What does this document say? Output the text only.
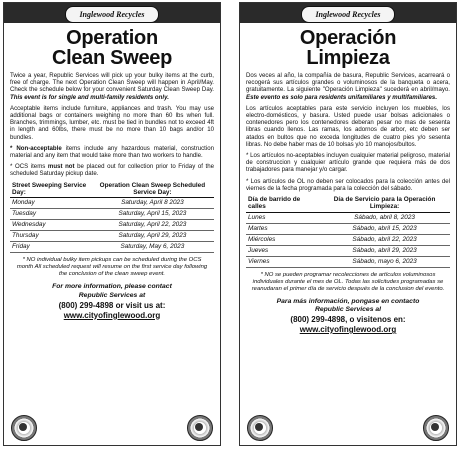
Inglewood Recycles
Operation
Clean Sweep

Twice a year, Republic Services will pick up your bulky items at the curb, free of charge. The next Operation Clean Sweep will happen in April/May. Check the schedule below for your convenient Saturday Clean Sweep Day. This event is for single and multi-family residents only.

Acceptable items include furniture, appliances and trash. You may use additional bags or containers weighing no more than 60 lbs when full. Branches, trimmings, lumber, etc. must be tied in bundles not to exceed 4ft in length and 60lbs, there must be no more than 10 bags and/or 10 bundles.

* Non-acceptable items include any hazardous material, construction material and any item that would take more than two workers to handle.

* OCS items must not be placed out for collection prior to Friday of the scheduled Saturday pickup date.

Street Sweeping Service Day:	Operation Clean Sweep Scheduled Service Day:
Monday	Saturday, April 8 2023
Tuesday	Saturday, April 15, 2023
Wednesday	Saturday, April 22, 2023
Thursday	Saturday, April 29, 2023
Friday	Saturday, May 6, 2023
* NO individual bulky item pickups can be scheduled during the OCS month All scheduled request will resume on the first service day following the conclusion of the clean sweep event.
For more information, please contact
Republic Services at
(800) 299-4898 or visit us at:
www.cityofinglewood.org
Inglewood Recycles
Operación
Limpieza

Dos veces al año, la compañía de basura, Republic Services, acarreará o recogerá sus artículos grandes o voluminosos de la banqueta o acera, gratuitamente. La siguiente "Operación Limpieza" sucederá en abril/mayo. Este evento es solo para residents unifamiliares y multifamiliares.

Los artículos aceptables para este servicio incluyen los muebles, los electro-domésticos, y basura. Usted puede usar bolsas adicionales o contenedores pero los contenedores deberan pesar no mas de sesenta libras cuando llenos. Las ramas, los adornos de arbor, etc deben ser atados en bultos que no exceda longitudes de cuatro pies y/o sesenta libras. No debe haber mas de 10 bolsas y/o 10 manojos/bultos.

* Los artículos no-aceptables incluyen cualquier material peligroso, material de construccion y cualquier artículo grande que requiera más de dos trabajadores para manejar y/o cargar.

* Los artículos de OL no deben ser colocados para la colección antes del viernes de la fecha programada para la colección del sábado.

Día de barrido de calles	Día de Servicio para la Operación Limpieza:
Lunes	Sábado, abril 8, 2023
Martes	Sábado, abril 15, 2023
Miércoles	Sábado, abril 22, 2023
Jueves	Sábado, abril 29, 2023
Viernes	Sábado, mayo 6, 2023
* NO se pueden programar recolecciones de artículos voluminosos individuales durante el mes de OL. Todas las solicitudes programadas se reanudaran el primer día de servicio después de la conclusion del evento.
Para más información, pongase en contacto
Republic Services al
(800) 299-4898, o visitenos en:
www.cityofinglewood.org
